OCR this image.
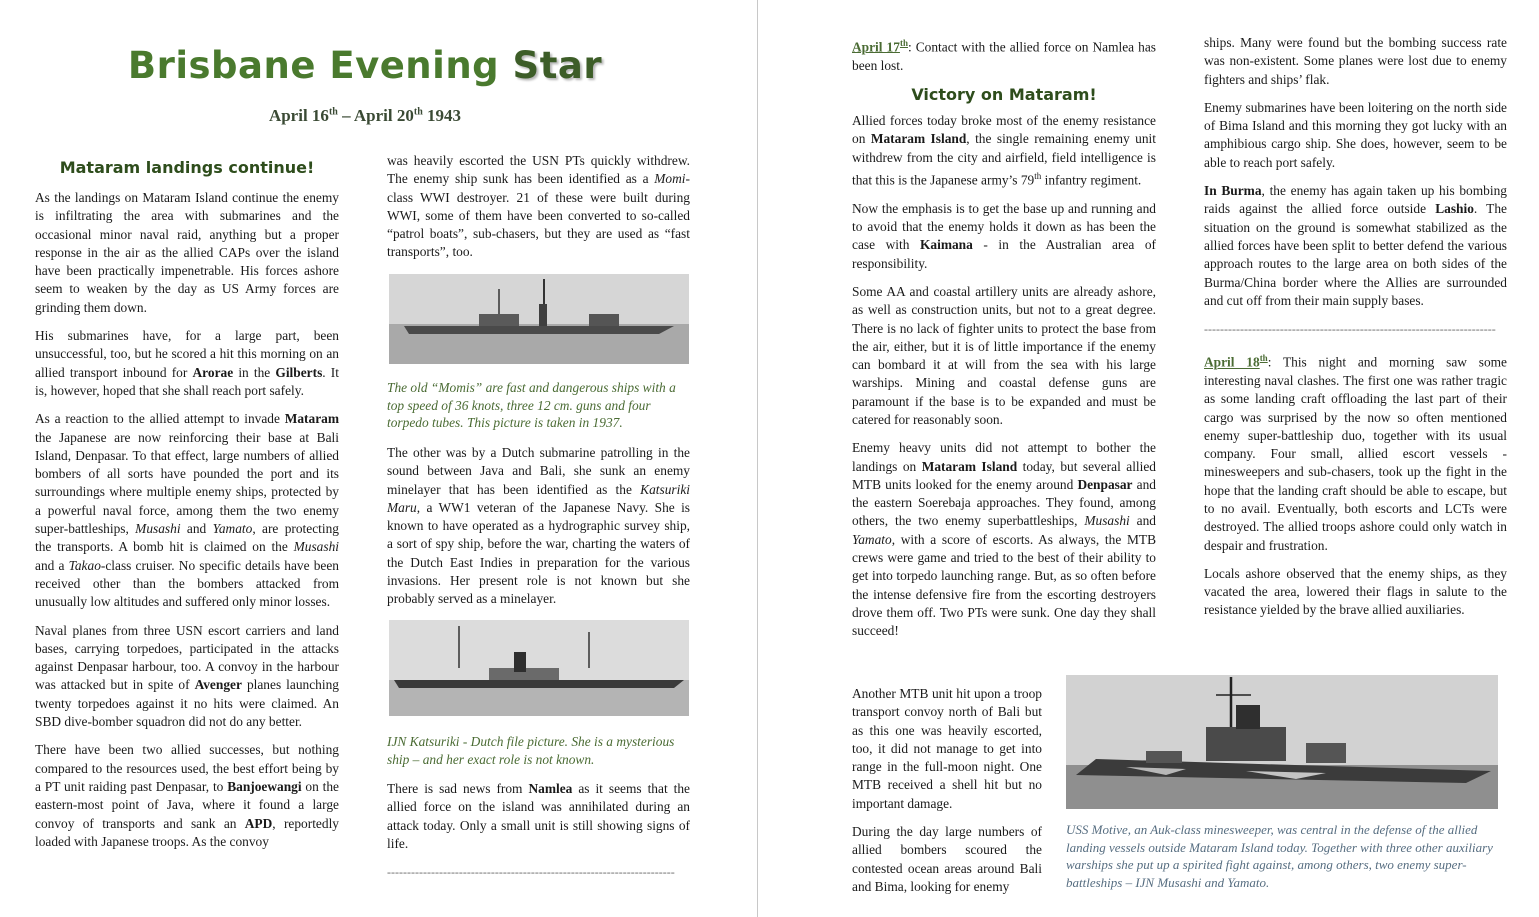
Brisbane Evening Star
April 16th – April 20th 1943
Mataram landings continue!

As the landings on Mataram Island continue the enemy is infiltrating the area with submarines and the occasional minor naval raid, anything but a proper response in the air as the allied CAPs over the island have been practically impenetrable. His forces ashore seem to weaken by the day as US Army forces are grinding them down.

His submarines have, for a large part, been unsuccessful, too, but he scored a hit this morning on an allied transport inbound for Arorae in the Gilberts. It is, however, hoped that she shall reach port safely.

As a reaction to the allied attempt to invade Mataram the Japanese are now reinforcing their base at Bali Island, Denpasar. To that effect, large numbers of allied bombers of all sorts have pounded the port and its surroundings where multiple enemy ships, protected by a powerful naval force, among them the two enemy super-battleships, Musashi and Yamato, are protecting the transports. A bomb hit is claimed on the Musashi and a Takao-class cruiser. No specific details have been received other than the bombers attacked from unusually low altitudes and suffered only minor losses.

Naval planes from three USN escort carriers and land bases, carrying torpedoes, participated in the attacks against Denpasar harbour, too. A convoy in the harbour was attacked but in spite of Avenger planes launching twenty torpedoes against it no hits were claimed. An SBD dive-bomber squadron did not do any better.

There have been two allied successes, but nothing compared to the resources used, the best effort being by a PT unit raiding past Denpasar, to Banjoewangi on the eastern-most point of Java, where it found a large convoy of transports and sank an APD, reportedly loaded with Japanese troops. As the convoy

was heavily escorted the USN PTs quickly withdrew. The enemy ship sunk has been identified as a Momi-class WWI destroyer. 21 of these were built during WWI, some of them have been converted to so-called “patrol boats”, sub-chasers, but they are used as “fast transports”, too.

The old “Momis” are fast and dangerous ships with a top speed of 36 knots, three 12 cm. guns and four torpedo tubes. This picture is taken in 1937.

The other was by a Dutch submarine patrolling in the sound between Java and Bali, she sunk an enemy minelayer that has been identified as the Katsuriki Maru, a WW1 veteran of the Japanese Navy. She is known to have operated as a hydrographic survey ship, a sort of spy ship, before the war, charting the waters of the Dutch East Indies in preparation for the various invasions. Her present role is not known but she probably served as a minelayer.

IJN Katsuriki - Dutch file picture. She is a mysterious ship – and her exact role is not known.

There is sad news from Namlea as it seems that the allied force on the island was annihilated during an attack today. Only a small unit is still showing signs of life.

------------------------------------------------------------------------

April 17th: Contact with the allied force on Namlea has been lost.

Victory on Mataram!

Allied forces today broke most of the enemy resistance on Mataram Island, the single remaining enemy unit withdrew from the city and airfield, field intelligence is that this is the Japanese army’s 79th infantry regiment.

Now the emphasis is to get the base up and running and to avoid that the enemy holds it down as has been the case with Kaimana - in the Australian area of responsibility.

Some AA and coastal artillery units are already ashore, as well as construction units, but not to a great degree. There is no lack of fighter units to protect the base from the air, either, but it is of little importance if the enemy can bombard it at will from the sea with his large warships. Mining and coastal defense guns are paramount if the base is to be expanded and must be catered for reasonably soon.

Enemy heavy units did not attempt to bother the landings on Mataram Island today, but several allied MTB units looked for the enemy around Denpasar and the eastern Soerebaja approaches. They found, among others, the two enemy superbattleships, Musashi and Yamato, with a score of escorts. As always, the MTB crews were game and tried to the best of their ability to get into torpedo launching range. But, as so often before the intense defensive fire from the escorting destroyers drove them off. Two PTs were sunk. One day they shall succeed!

Another MTB unit hit upon a troop transport convoy north of Bali but as this one was heavily escorted, too, it did not manage to get into range in the full-moon night. One MTB received a shell hit but no important damage.

During the day large numbers of allied bombers scoured the contested ocean areas around Bali and Bima, looking for enemy

USS Motive, an Auk-class minesweeper, was central in the defense of the allied landing vessels outside Mataram Island today. Together with three other auxiliary warships she put up a spirited fight against, among others, two enemy super-battleships – IJN Musashi and Yamato.

ships. Many were found but the bombing success rate was non-existent. Some planes were lost due to enemy fighters and ships’ flak.

Enemy submarines have been loitering on the north side of Bima Island and this morning they got lucky with an amphibious cargo ship. She does, however, seem to be able to reach port safely.

In Burma, the enemy has again taken up his bombing raids against the allied force outside Lashio. The situation on the ground is somewhat stabilized as the allied forces have been split to better defend the various approach routes to the large area on both sides of the Burma/China border where the Allies are surrounded and cut off from their main supply bases.

-------------------------------------------------------------------------

April 18th: This night and morning saw some interesting naval clashes. The first one was rather tragic as some landing craft offloading the last part of their cargo was surprised by the now so often mentioned enemy super-battleship duo, together with its usual company. Four small, allied escort vessels - minesweepers and sub-chasers, took up the fight in the hope that the landing craft should be able to escape, but to no avail. Eventually, both escorts and LCTs were destroyed. The allied troops ashore could only watch in despair and frustration.

Locals ashore observed that the enemy ships, as they vacated the area, lowered their flags in salute to the resistance yielded by the brave allied auxiliaries.
